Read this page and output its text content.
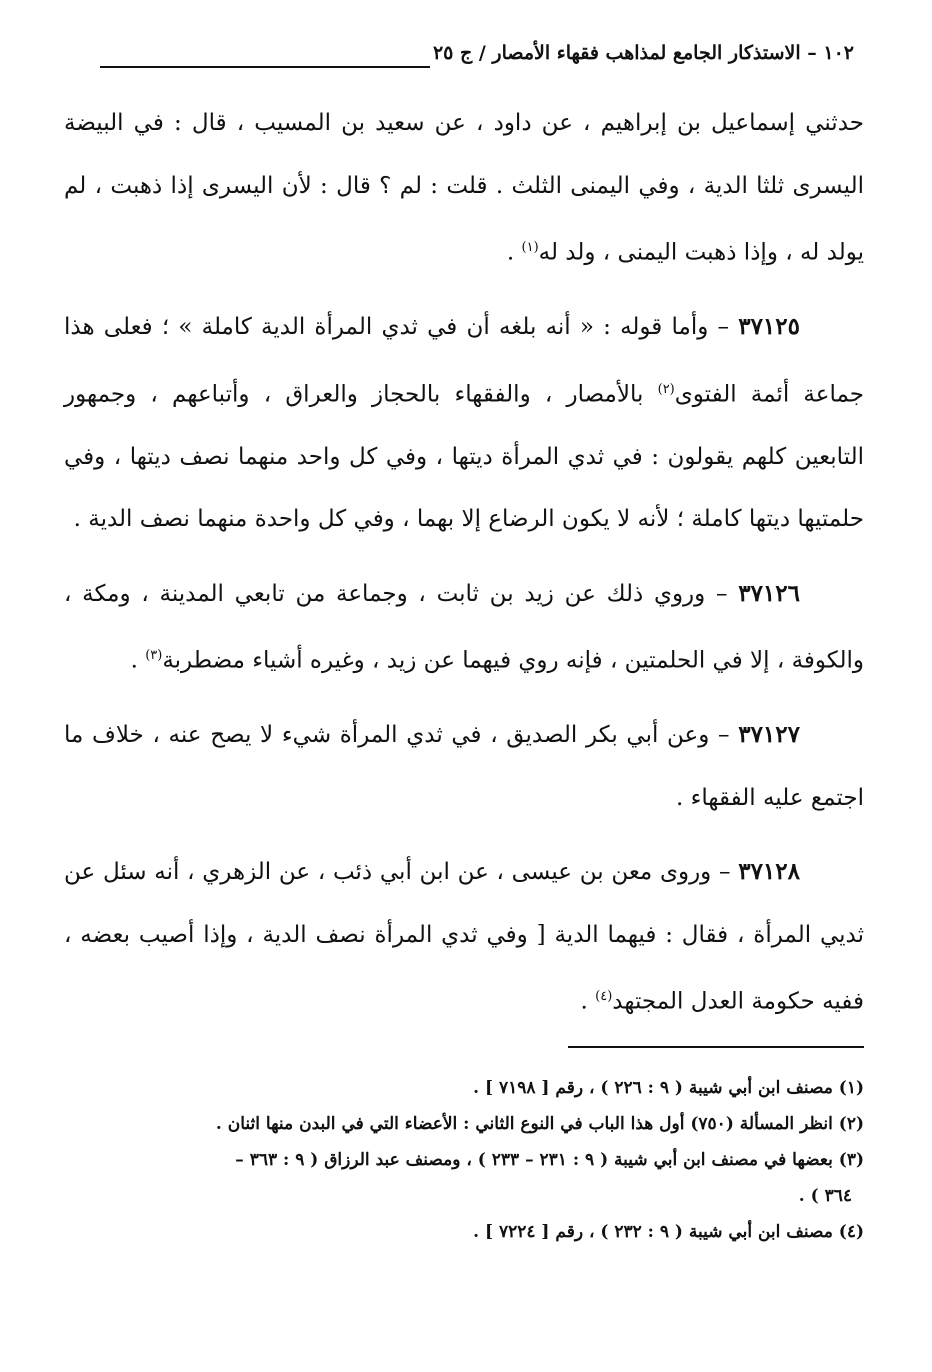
١٠٢ – الاستذكار الجامع لمذاهب فقهاء الأمصار / ج ٢٥

حدثني إسماعيل بن إبراهيم ، عن داود ، عن سعيد بن المسيب ، قال : في البيضة اليسرى ثلثا الدية ، وفي اليمنى الثلث . قلت : لم ؟ قال : لأن اليسرى إذا ذهبت ، لم يولد له ، وإذا ذهبت اليمنى ، ولد له$^{(١)}$ .

٣٧١٢٥ – وأما قوله : « أنه بلغه أن في ثدي المرأة الدية كاملة » ؛ فعلى هذا جماعة أئمة الفتوى$^{(٢)}$ بالأمصار ، والفقهاء بالحجاز والعراق ، وأتباعهم ، وجمهور التابعين كلهم يقولون : في ثدي المرأة ديتها ، وفي كل واحد منهما نصف ديتها ، وفي حلمتيها ديتها كاملة ؛ لأنه لا يكون الرضاع إلا بهما ، وفي كل واحدة منهما نصف الدية .

٣٧١٢٦ – وروي ذلك عن زيد بن ثابت ، وجماعة من تابعي المدينة ، ومكة ، والكوفة ، إلا في الحلمتين ، فإنه روي فيهما عن زيد ، وغيره أشياء مضطربة$^{(٣)}$ .

٣٧١٢٧ – وعن أبي بكر الصديق ، في ثدي المرأة شيء لا يصح عنه ، خلاف ما اجتمع عليه الفقهاء .

٣٧١٢٨ – وروى معن بن عيسى ، عن ابن أبي ذئب ، عن الزهري ، أنه سئل عن ثديي المرأة ، فقال : فيهما الدية [ وفي ثدي المرأة نصف الدية ، وإذا أصيب بعضه ، ففيه حكومة العدل المجتهد$^{(٤)}$ .

(١) مصنف ابن أبي شيبة ( ٩ : ٢٢٦ ) ، رقم [ ٧١٩٨ ] .
(٢) انظر المسألة (٧٥٠) أول هذا الباب في النوع الثاني : الأعضاء التي في البدن منها اثنان .
(٣) بعضها في مصنف ابن أبي شيبة ( ٩ : ٢٣١ – ٢٣٣ ) ، ومصنف عبد الرزاق ( ٩ : ٣٦٣ –
٣٦٤ ) .
(٤) مصنف ابن أبي شيبة ( ٩ : ٢٣٢ ) ، رقم [ ٧٢٢٤ ] .
